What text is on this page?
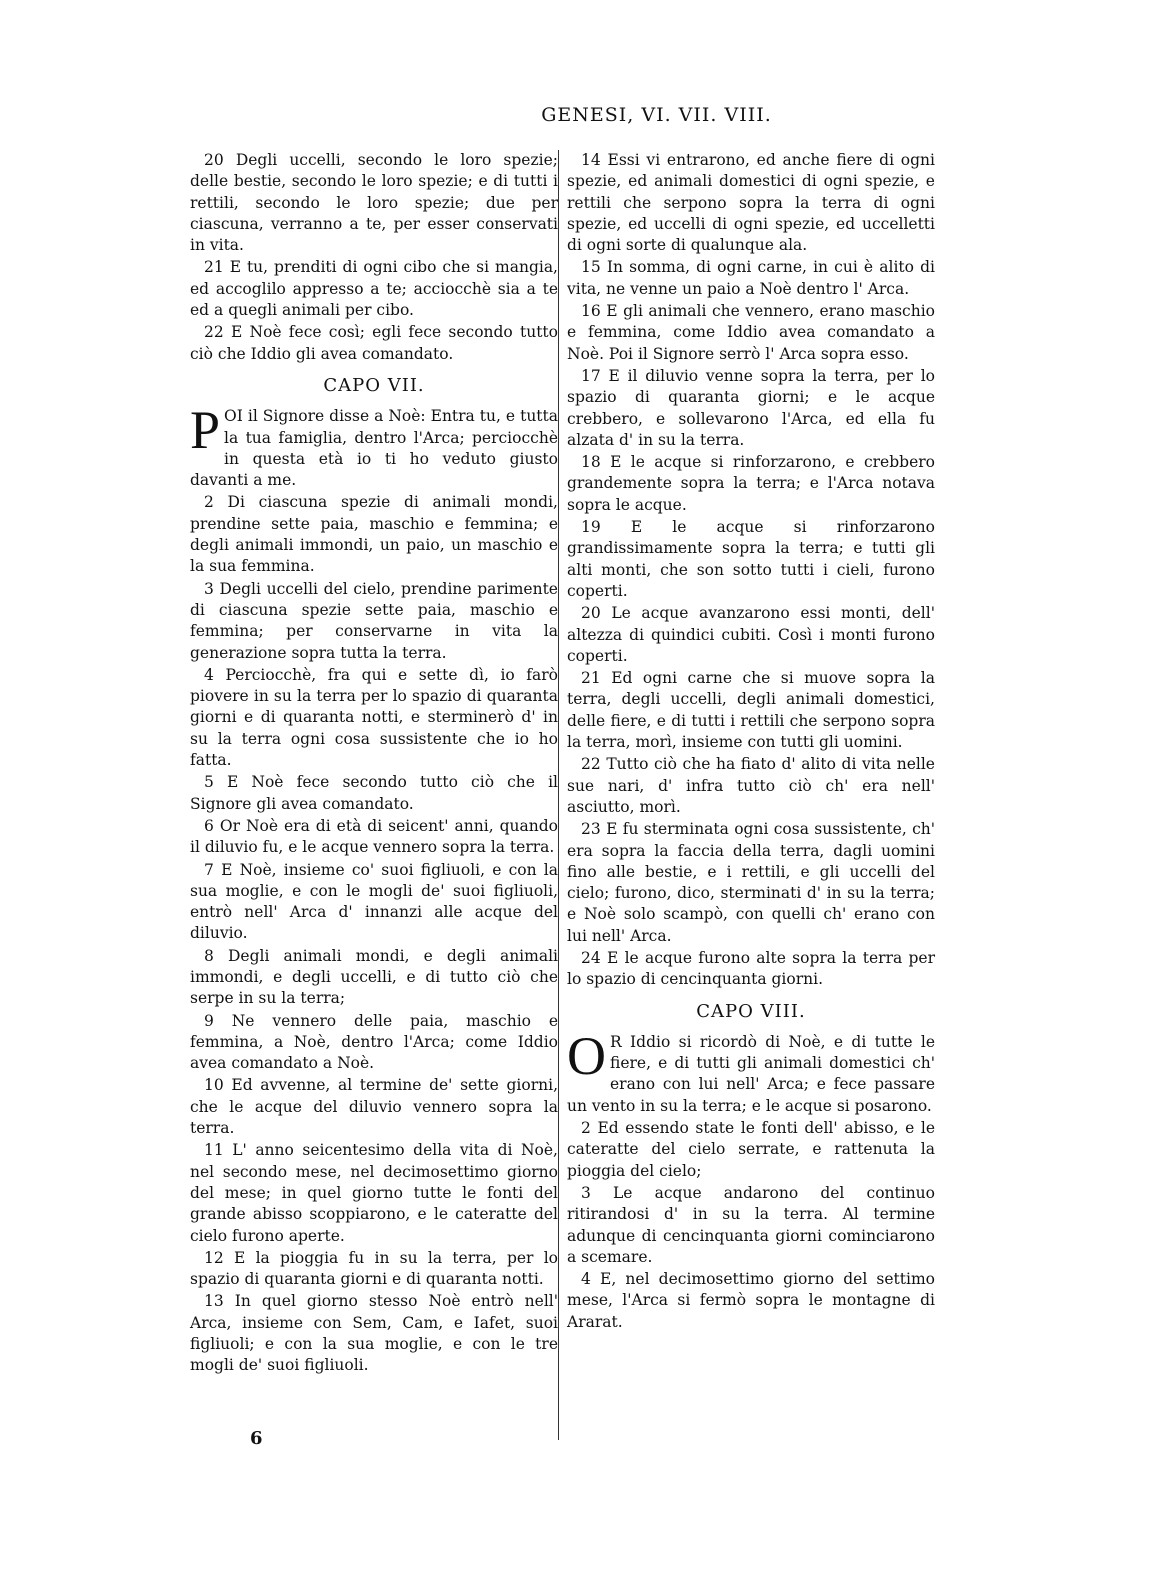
GENESI, VI. VII. VIII.
20 Degli uccelli, secondo le loro spezie; delle bestie, secondo le loro spezie; e di tutti i rettili, secondo le loro spezie; due per ciascuna, verranno a te, per esser conservati in vita.
21 E tu, prenditi di ogni cibo che si mangia, ed accoglilo appresso a te; acciocchè sia a te ed a quegli animali per cibo.
22 E Noè fece così; egli fece secondo tutto ciò che Iddio gli avea comandato.
CAPO VII.
POI il Signore disse a Noè: Entra tu, e tutta la tua famiglia, dentro l'Arca; perciocchè in questa età io ti ho veduto giusto davanti a me.
2 Di ciascuna spezie di animali mondi, prendine sette paia, maschio e femmina; e degli animali immondi, un paio, un maschio e la sua femmina.
3 Degli uccelli del cielo, prendine parimente di ciascuna spezie sette paia, maschio e femmina; per conservarne in vita la generazione sopra tutta la terra.
4 Perciocchè, fra qui e sette dì, io farò piovere in su la terra per lo spazio di quaranta giorni e di quaranta notti, e sterminerò d' in su la terra ogni cosa sussistente che io ho fatta.
5 E Noè fece secondo tutto ciò che il Signore gli avea comandato.
6 Or Noè era di età di seicent' anni, quando il diluvio fu, e le acque vennero sopra la terra.
7 E Noè, insieme co' suoi figliuoli, e con la sua moglie, e con le mogli de' suoi figliuoli, entrò nell' Arca d' innanzi alle acque del diluvio.
8 Degli animali mondi, e degli animali immondi, e degli uccelli, e di tutto ciò che serpe in su la terra;
9 Ne vennero delle paia, maschio e femmina, a Noè, dentro l'Arca; come Iddio avea comandato a Noè.
10 Ed avvenne, al termine de' sette giorni, che le acque del diluvio vennero sopra la terra.
11 L' anno seicentesimo della vita di Noè, nel secondo mese, nel decimosettimo giorno del mese; in quel giorno tutte le fonti del grande abisso scoppiarono, e le cateratte del cielo furono aperte.
12 E la pioggia fu in su la terra, per lo spazio di quaranta giorni e di quaranta notti.
13 In quel giorno stesso Noè entrò nell' Arca, insieme con Sem, Cam, e Iafet, suoi figliuoli; e con la sua moglie, e con le tre mogli de' suoi figliuoli.
14 Essi vi entrarono, ed anche fiere di ogni spezie, ed animali domestici di ogni spezie, e rettili che serpono sopra la terra di ogni spezie, ed uccelli di ogni spezie, ed uccelletti di ogni sorte di qualunque ala.
15 In somma, di ogni carne, in cui è alito di vita, ne venne un paio a Noè dentro l' Arca.
16 E gli animali che vennero, erano maschio e femmina, come Iddio avea comandato a Noè. Poi il Signore serrò l' Arca sopra esso.
17 E il diluvio venne sopra la terra, per lo spazio di quaranta giorni; e le acque crebbero, e sollevarono l'Arca, ed ella fu alzata d' in su la terra.
18 E le acque si rinforzarono, e crebbero grandemente sopra la terra; e l'Arca notava sopra le acque.
19 E le acque si rinforzarono grandissimamente sopra la terra; e tutti gli alti monti, che son sotto tutti i cieli, furono coperti.
20 Le acque avanzarono essi monti, dell' altezza di quindici cubiti. Così i monti furono coperti.
21 Ed ogni carne che si muove sopra la terra, degli uccelli, degli animali domestici, delle fiere, e di tutti i rettili che serpono sopra la terra, morì, insieme con tutti gli uomini.
22 Tutto ciò che ha fiato d' alito di vita nelle sue nari, d' infra tutto ciò ch' era nell' asciutto, morì.
23 E fu sterminata ogni cosa sussistente, ch' era sopra la faccia della terra, dagli uomini fino alle bestie, e i rettili, e gli uccelli del cielo; furono, dico, sterminati d' in su la terra; e Noè solo scampò, con quelli ch' erano con lui nell' Arca.
24 E le acque furono alte sopra la terra per lo spazio di cencinquanta giorni.
CAPO VIII.
O R Iddio si ricordò di Noè, e di tutte le fiere, e di tutti gli animali domestici ch' erano con lui nell' Arca; e fece passare un vento in su la terra; e le acque si posarono.
2 Ed essendo state le fonti dell' abisso, e le cateratte del cielo serrate, e rattenuta la pioggia del cielo;
3 Le acque andarono del continuo ritirandosi d' in su la terra. Al termine adunque di cencinquanta giorni cominciarono a scemare.
4 E, nel decimosettimo giorno del settimo mese, l'Arca si fermò sopra le montagne di Ararat.
6
